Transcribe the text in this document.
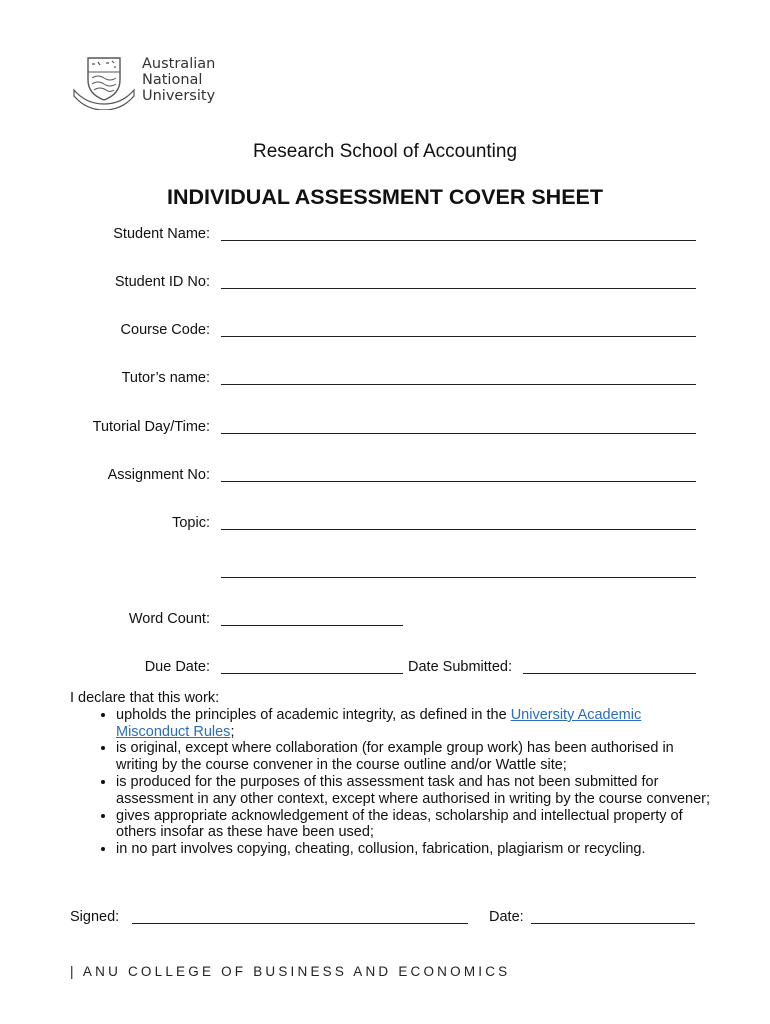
Australian
National
University
Research School of Accounting
INDIVIDUAL ASSESSMENT COVER SHEET
Student Name:
Student ID No:
Course Code:
Tutor’s name:
Tutorial Day/Time:
Assignment No:
Topic:
Word Count:
Due Date:	Date Submitted:
I declare that this work:
• upholds the principles of academic integrity, as defined in the University Academic Misconduct Rules;
• is original, except where collaboration (for example group work) has been authorised in writing by the course convener in the course outline and/or Wattle site;
• is produced for the purposes of this assessment task and has not been submitted for assessment in any other context, except where authorised in writing by the course convener;
• gives appropriate acknowledgement of the ideas, scholarship and intellectual property of others insofar as these have been used;
• in no part involves copying, cheating, collusion, fabrication, plagiarism or recycling.
Signed:	Date:
| ANU COLLEGE OF BUSINESS AND ECONOMICS
